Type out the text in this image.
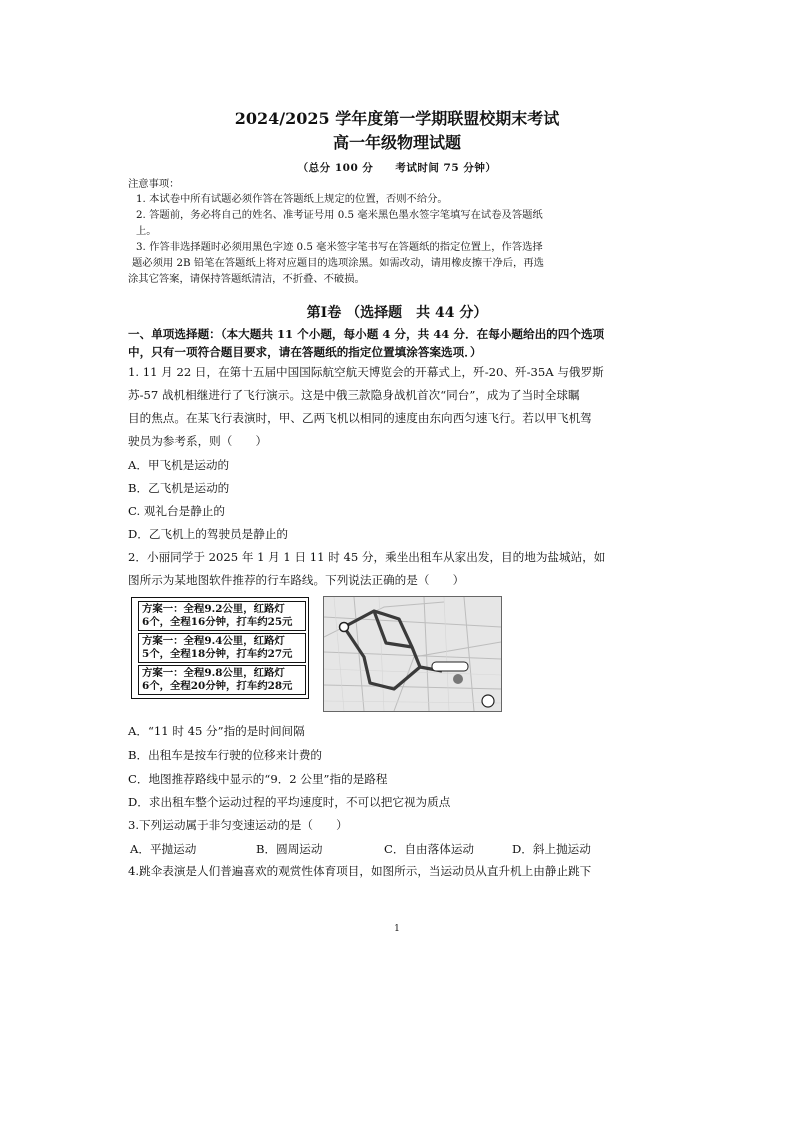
2024/2025 学年度第一学期联盟校期末考试
高一年级物理试题
（总分 100 分　　考试时间 75 分钟）
注意事项：
1. 本试卷中所有试题必须作答在答题纸上规定的位置，否则不给分。
2. 答题前，务必将自己的姓名、准考证号用 0.5 毫米黑色墨水签字笔填写在试卷及答题纸
上。
3. 作答非选择题时必须用黑色字迹 0.5 毫米签字笔书写在答题纸的指定位置上，作答选择
题必须用 2B 铅笔在答题纸上将对应题目的选项涂黑。如需改动，请用橡皮擦干净后，再选
涂其它答案，请保持答题纸清洁，不折叠、不破损。
第Ⅰ卷 （选择题　共 44 分）
一、单项选择题：（本大题共 11 个小题，每小题 4 分，共 44 分．在每小题给出的四个选项
中，只有一项符合题目要求，请在答题纸的指定位置填涂答案选项．）
1. 11 月 22 日，在第十五届中国国际航空航天博览会的开幕式上，歼-20、歼-35A 与俄罗斯
苏-57 战机相继进行了飞行演示。这是中俄三款隐身战机首次“同台”，成为了当时全球瞩
目的焦点。在某飞行表演时，甲、乙两飞机以相同的速度由东向西匀速飞行。若以甲飞机驾
驶员为参考系，则（　　）
A．甲飞机是运动的
B．乙飞机是运动的
C. 观礼台是静止的
D．乙飞机上的驾驶员是静止的
2．小丽同学于 2025 年 1 月 1 日 11 时 45 分，乘坐出租车从家出发，目的地为盐城站，如
图所示为某地图软件推荐的行车路线。下列说法正确的是（　　）
方案一：全程9.2公里，红路灯
6个，全程16分钟，打车约25元
方案一：全程9.4公里，红路灯
5个，全程18分钟，打车约27元
方案一：全程9.8公里，红路灯
6个，全程20分钟，打车约28元
A．“11 时 45 分”指的是时间间隔
B．出租车是按车行驶的位移来计费的
C．地图推荐路线中显示的“9．2 公里”指的是路程
D．求出租车整个运动过程的平均速度时，不可以把它视为质点
3.下列运动属于非匀变速运动的是（　　）
A．平抛运动	B．圆周运动	C．自由落体运动	D．斜上抛运动
4.跳伞表演是人们普遍喜欢的观赏性体育项目，如图所示，当运动员从直升机上由静止跳下
1
